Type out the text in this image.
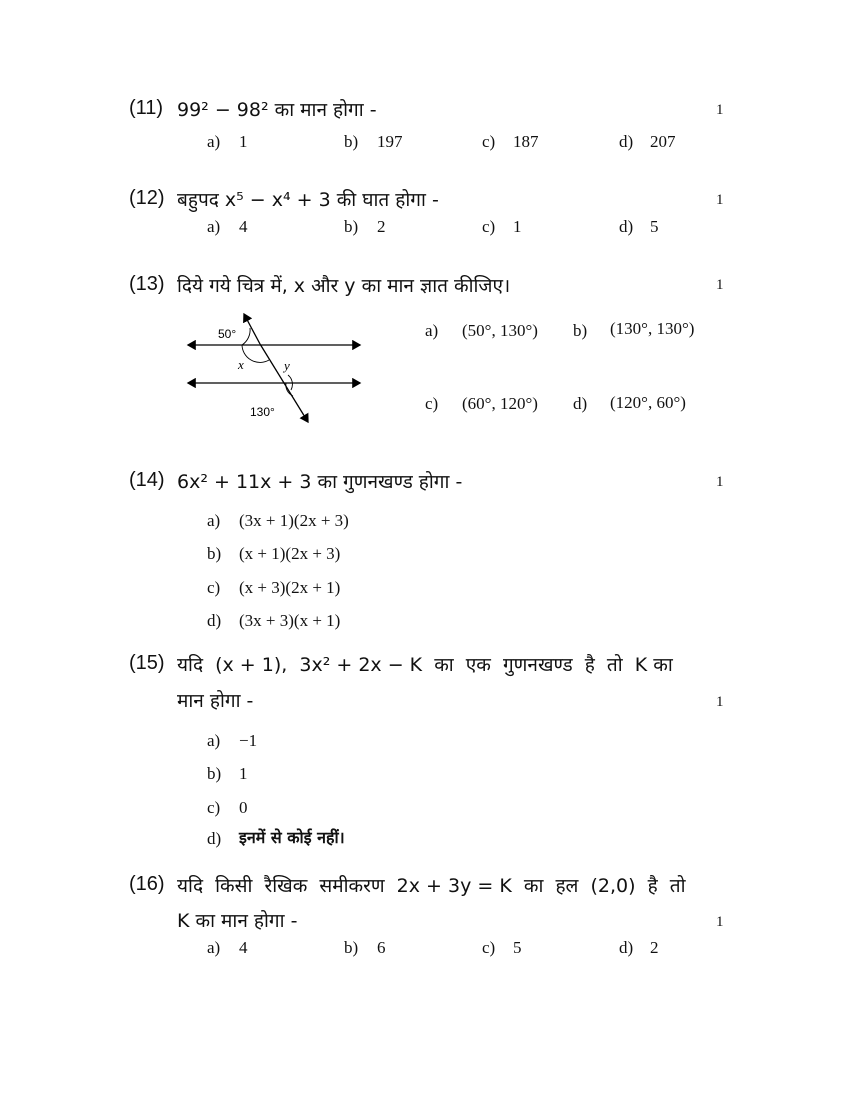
(11) 99² − 98² का मान होगा -	1
a) 1	b) 197	c) 187	d) 207
(12) बहुपद x⁵ − x⁴ + 3 की घात होगा -	1
a) 4	b) 2	c) 1	d) 5
(13) दिये गये चित्र में, x और y का मान ज्ञात कीजिए।	1
50°
x	y
130°
a) (50°, 130°) b) (130°, 130°)
c) (60°, 120°) d) (120°, 60°)
(14) 6x² + 11x + 3 का गुणनखण्ड होगा -	1
a) (3x + 1)(2x + 3)
b) (x + 1)(2x + 3)
c) (x + 3)(2x + 1)
d) (3x + 3)(x + 1)
(15) यदि  (x + 1),  3x² + 2x − K  का  एक  गुणनखण्ड  है  तो  K का
मान होगा -	1
a) −1
b) 1
c) 0
d) इनमें से कोई नहीं।
(16) यदि  किसी  रैखिक  समीकरण  2x + 3y = K  का  हल  (2,0)  है  तो
K का मान होगा -	1
a) 4	b) 6	c) 5	d) 2
